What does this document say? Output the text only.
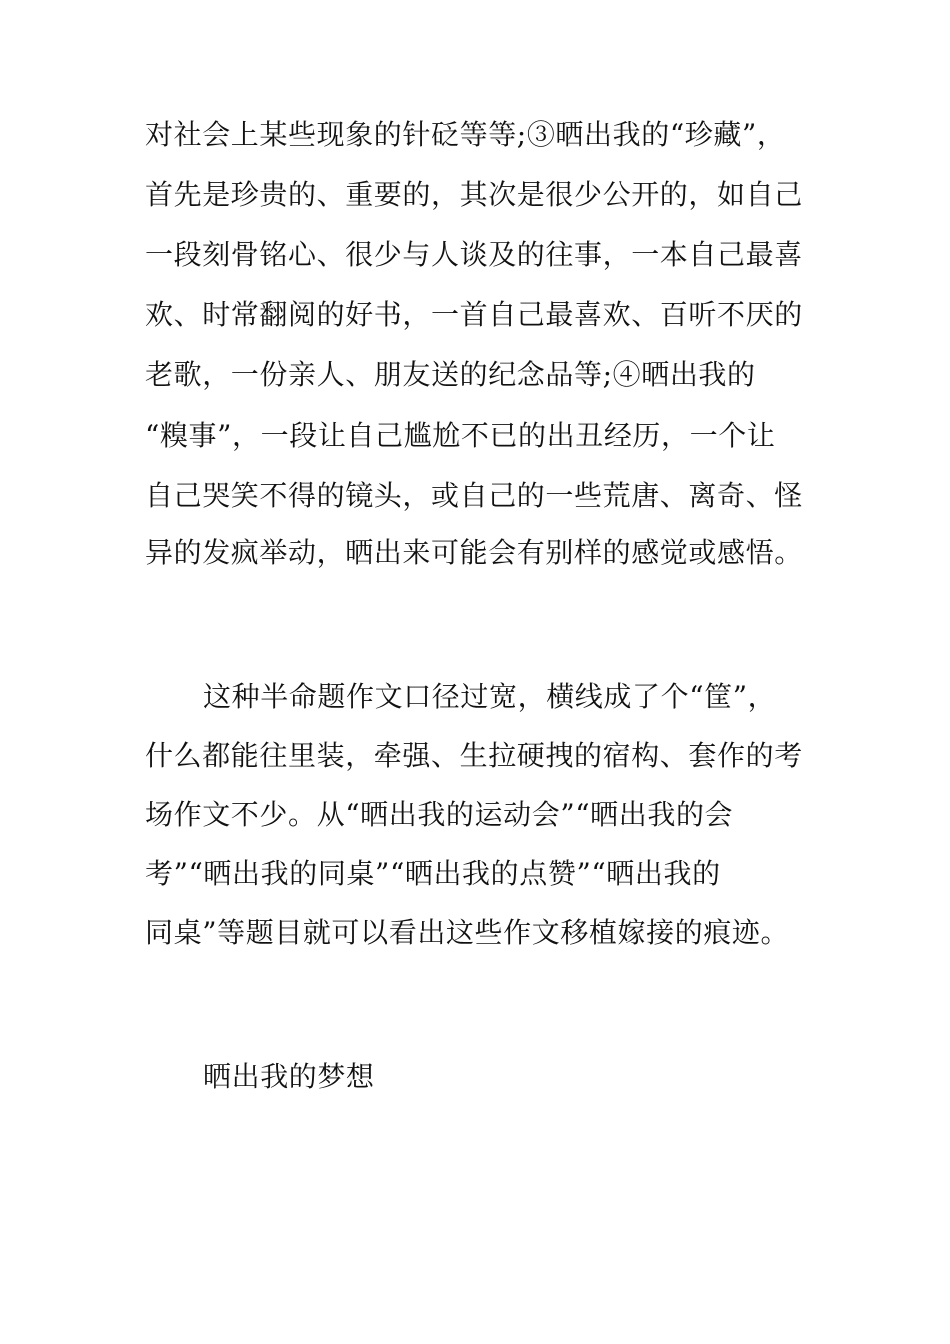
对社会上某些现象的针砭等等;③晒出我的“珍藏”，
首先是珍贵的、重要的，其次是很少公开的，如自己
一段刻骨铭心、很少与人谈及的往事，一本自己最喜
欢、时常翻阅的好书，一首自己最喜欢、百听不厌的
老歌，一份亲人、朋友送的纪念品等;④晒出我的
“糗事”，一段让自己尴尬不已的出丑经历，一个让
自己哭笑不得的镜头，或自己的一些荒唐、离奇、怪
异的发疯举动，晒出来可能会有别样的感觉或感悟。
这种半命题作文口径过宽，横线成了个“筐”，
什么都能往里装，牵强、生拉硬拽的宿构、套作的考
场作文不少。从“晒出我的运动会”“晒出我的会
考”“晒出我的同桌”“晒出我的点赞”“晒出我的
同桌”等题目就可以看出这些作文移植嫁接的痕迹。
晒出我的梦想
